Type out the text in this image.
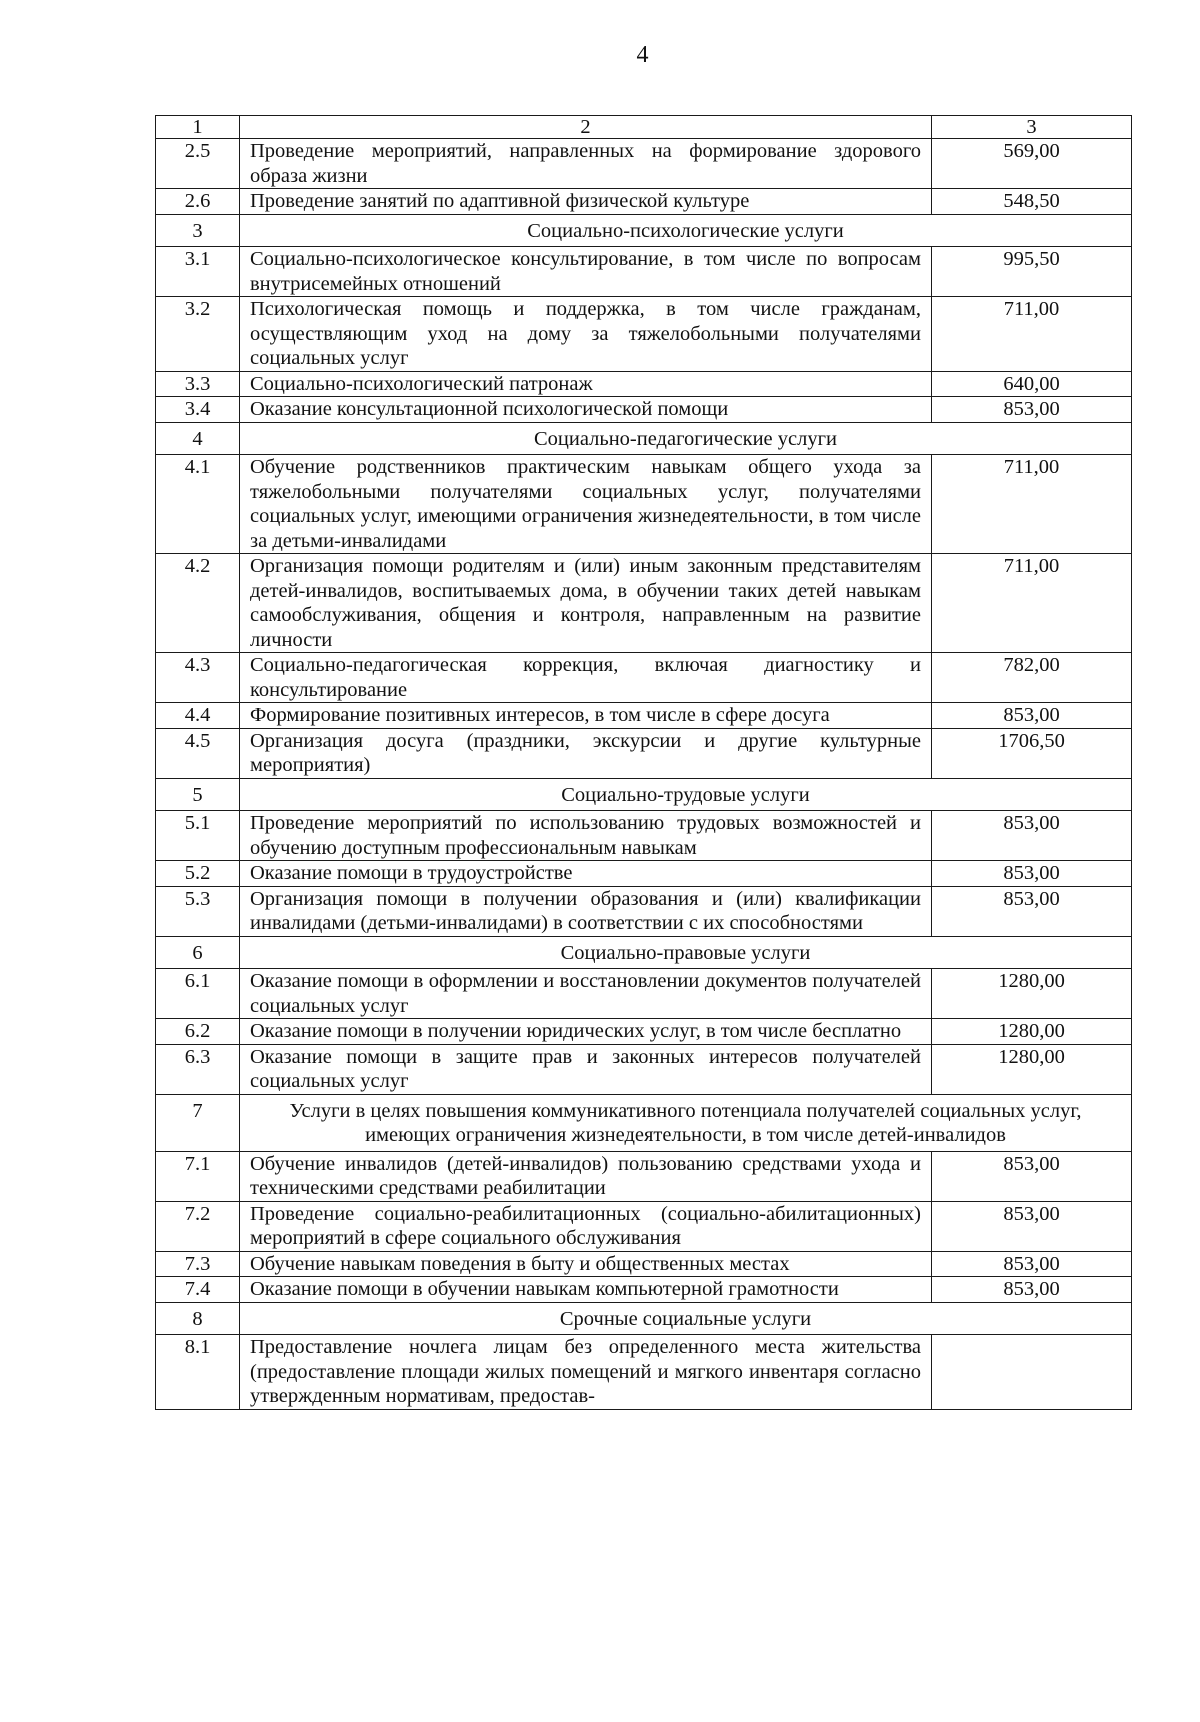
4
1	2	3
2.5	Проведение мероприятий, направленных на формирование здорового образа жизни	569,00
2.6	Проведение занятий по адаптивной физической культуре	548,50
3	Социально-психологические услуги	
3.1	Социально-психологическое консультирование, в том числе по вопросам внутрисемейных отношений	995,50
3.2	Психологическая помощь и поддержка, в том числе гражданам, осуществляющим уход на дому за тяжелобольными получателями социальных услуг	711,00
3.3	Социально-психологический патронаж	640,00
3.4	Оказание консультационной психологической помощи	853,00
4	Социально-педагогические услуги	
4.1	Обучение родственников практическим навыкам общего ухода за тяжелобольными получателями социальных услуг, получателями социальных услуг, имеющими ограничения жизнедеятельности, в том числе за детьми-инвалидами	711,00
4.2	Организация помощи родителям и (или) иным законным представителям детей-инвалидов, воспитываемых дома, в обучении таких детей навыкам самообслуживания, общения и контроля, направленным на развитие личности	711,00
4.3	Социально-педагогическая коррекция, включая диагностику и консультирование	782,00
4.4	Формирование позитивных интересов, в том числе в сфере досуга	853,00
4.5	Организация досуга (праздники, экскурсии и другие культурные мероприятия)	1706,50
5	Социально-трудовые услуги	
5.1	Проведение мероприятий по использованию трудовых возможностей и обучению доступным профессиональным навыкам	853,00
5.2	Оказание помощи в трудоустройстве	853,00
5.3	Организация помощи в получении образования и (или) квалификации инвалидами (детьми-инвалидами) в соответствии с их способностями	853,00
6	Социально-правовые услуги	
6.1	Оказание помощи в оформлении и восстановлении документов получателей социальных услуг	1280,00
6.2	Оказание помощи в получении юридических услуг, в том числе бесплатно	1280,00
6.3	Оказание помощи в защите прав и законных интересов получателей социальных услуг	1280,00
7	Услуги в целях повышения коммуникативного потенциала получателей социальных услуг, имеющих ограничения жизнедеятельности, в том числе детей-инвалидов	
7.1	Обучение инвалидов (детей-инвалидов) пользованию средствами ухода и техническими средствами реабилитации	853,00
7.2	Проведение социально-реабилитационных (социально-абилитационных) мероприятий в сфере социального обслуживания	853,00
7.3	Обучение навыкам поведения в быту и общественных местах	853,00
7.4	Оказание помощи в обучении навыкам компьютерной грамотности	853,00
8	Срочные социальные услуги	
8.1	Предоставление ночлега лицам без определенного места жительства (предоставление площади жилых помещений и мягкого инвентаря согласно утвержденным нормативам, предостав-	
